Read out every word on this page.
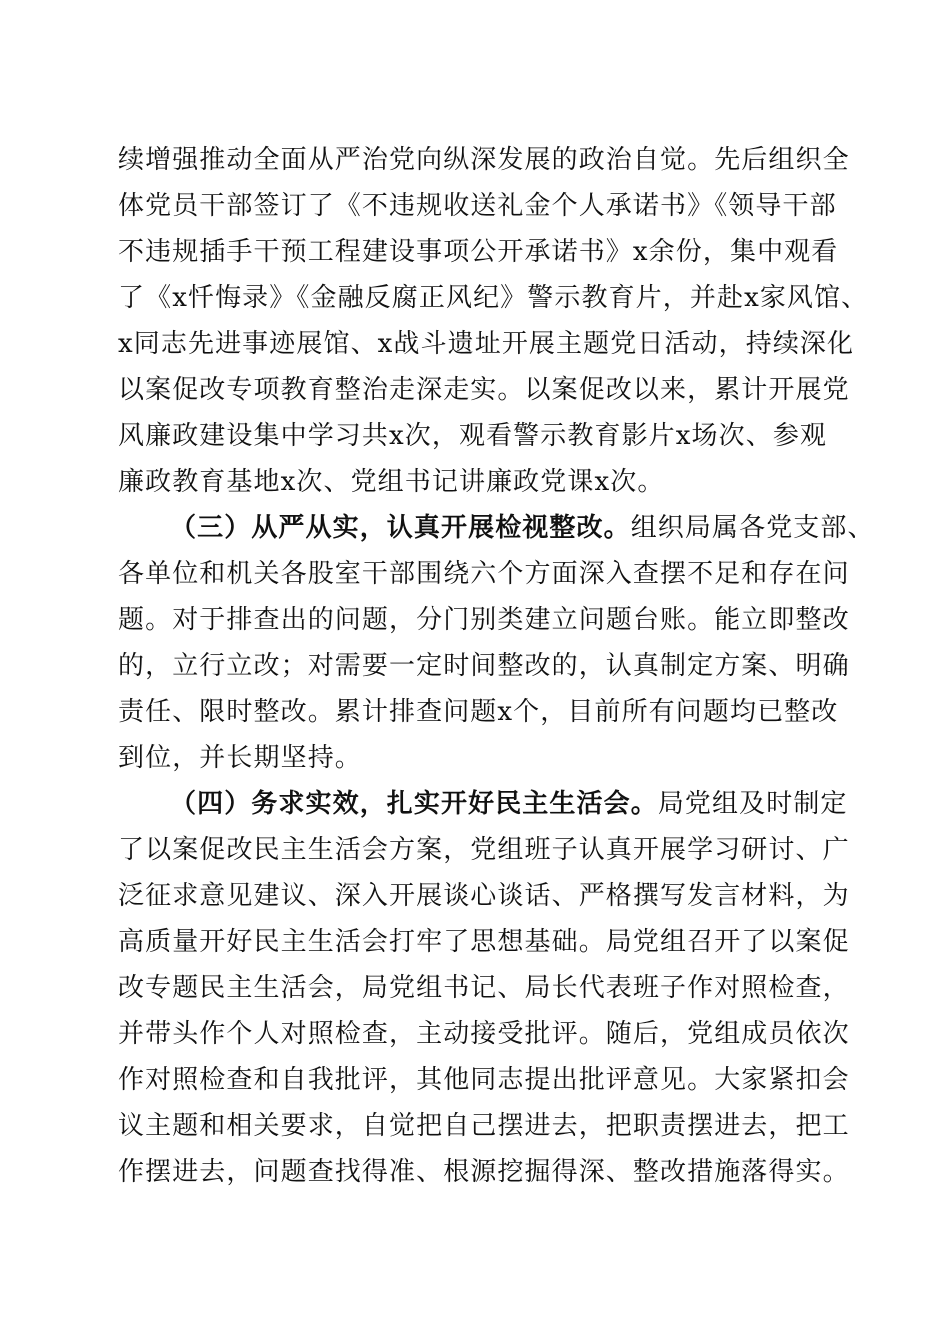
续增强推动全面从严治党向纵深发展的政治自觉。先后组织全
体党员干部签订了《不违规收送礼金个人承诺书》《领导干部
不违规插手干预工程建设事项公开承诺书》x余份，集中观看
了《x忏悔录》《金融反腐正风纪》警示教育片，并赴x家风馆、
x同志先进事迹展馆、x战斗遗址开展主题党日活动，持续深化
以案促改专项教育整治走深走实。以案促改以来，累计开展党
风廉政建设集中学习共x次，观看警示教育影片x场次、参观
廉政教育基地x次、党组书记讲廉政党课x次。
（三）从严从实，认真开展检视整改。组织局属各党支部、
各单位和机关各股室干部围绕六个方面深入查摆不足和存在问
题。对于排查出的问题，分门别类建立问题台账。能立即整改
的，立行立改；对需要一定时间整改的，认真制定方案、明确
责任、限时整改。累计排查问题x个，目前所有问题均已整改
到位，并长期坚持。
（四）务求实效，扎实开好民主生活会。局党组及时制定
了以案促改民主生活会方案，党组班子认真开展学习研讨、广
泛征求意见建议、深入开展谈心谈话、严格撰写发言材料，为
高质量开好民主生活会打牢了思想基础。局党组召开了以案促
改专题民主生活会，局党组书记、局长代表班子作对照检查，
并带头作个人对照检查，主动接受批评。随后，党组成员依次
作对照检查和自我批评，其他同志提出批评意见。大家紧扣会
议主题和相关要求，自觉把自己摆进去，把职责摆进去，把工
作摆进去，问题查找得准、根源挖掘得深、整改措施落得实。
